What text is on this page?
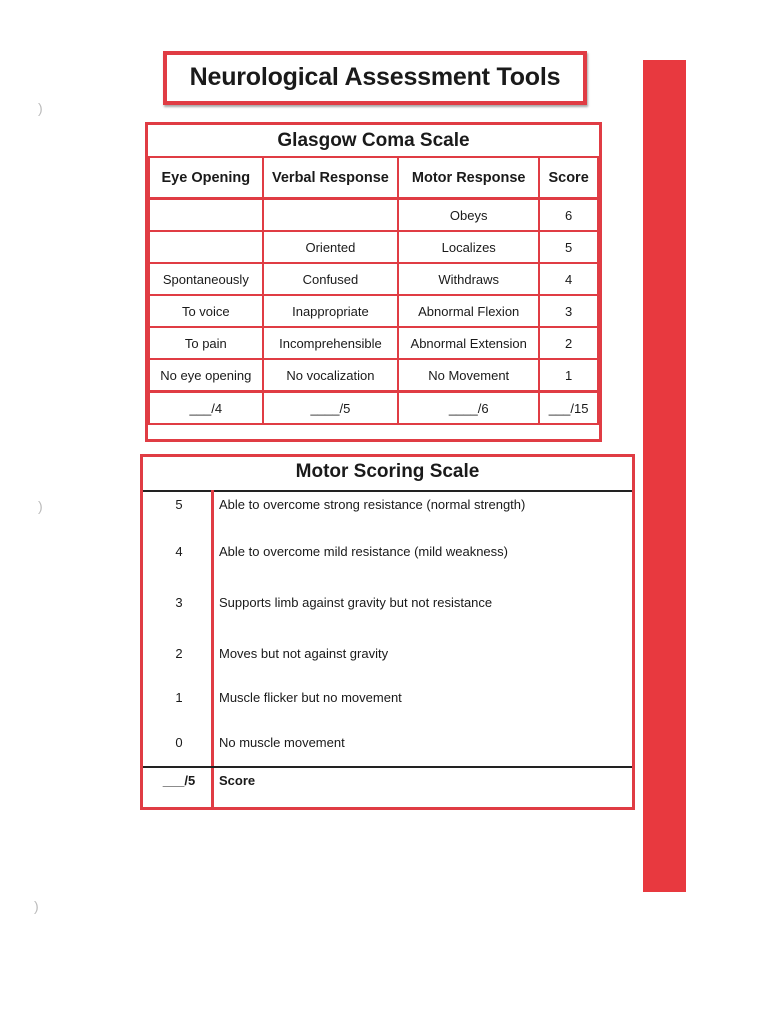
)
)
)
Neurological Assessment Tools
Glasgow Coma Scale
Eye Opening	Verbal Response	Motor Response	Score
		Obeys	6
	Oriented	Localizes	5
Spontaneously	Confused	Withdraws	4
To voice	Inappropriate	Abnormal Flexion	3
To pain	Incomprehensible	Abnormal Extension	2
No eye opening	No vocalization	No Movement	1
___/4	____/5	____/6	___/15
Motor Scoring Scale
5	Able to overcome strong resistance (normal strength)
4	Able to overcome mild resistance (mild weakness)
3	Supports limb against gravity but not resistance
2	Moves but not against gravity
1	Muscle flicker but no movement
0	No muscle movement
___/5	Score
